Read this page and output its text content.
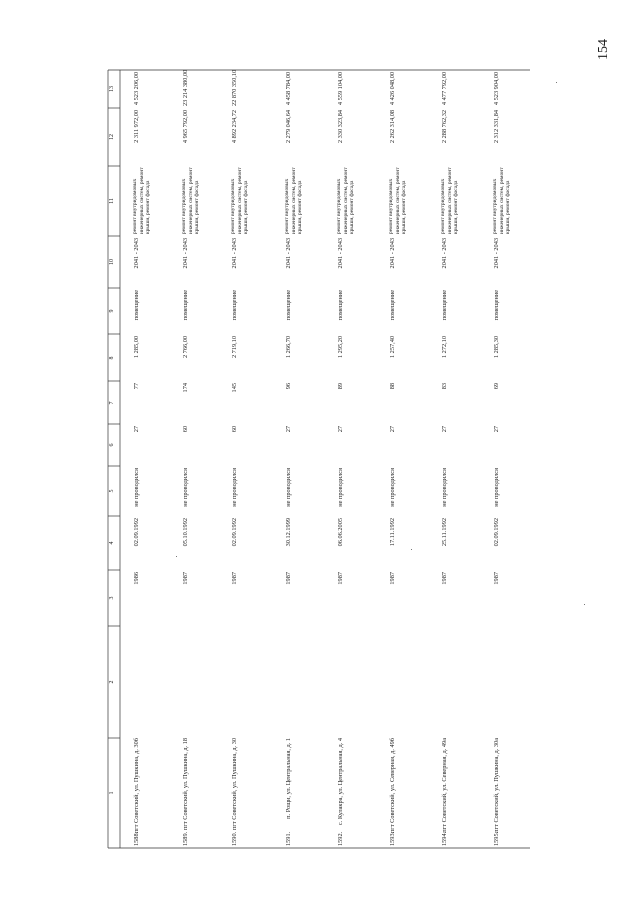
154
1
2
3
4
5
6
7
8
9
10
11
12
13
1588.
пгт Советский, ул. Пушкина, д. 30б
1986
02.09.1992
не проводился
27
77
1 285,00
помещение
2041 - 2043
ремонт внутридомовых инженерных систем, ремонт крыши, ремонт фасада
2 311 972,00
4 523 206,00
1589.
пгт Советский, ул. Пушкина, д. 18
1987
05.10.1992
не проводился
60
174
2 766,00
помещение
2041 - 2043
ремонт внутридомовых инженерных систем, ремонт крыши, ремонт фасада
4 965 792,00
23 214 380,00
1590.
пгт Советский, ул. Пушкина, д. 30
1987
02.09.1992
не проводился
60
145
2 719,10
помещение
2041 - 2043
ремонт внутридомовых инженерных систем, ремонт крыши, ремонт фасада
4 892 234,72
22 870 350,10
1591.
п. Рощи, ул. Центральная, д. 1
1987
30.12.1999
не проводился
27
96
1 266,70
помещение
2041 - 2043
ремонт внутридомовых инженерных систем, ремонт крыши, ремонт фасада
2 279 046,64
4 458 784,00
1592.
с. Кулакра, ул. Центральная, д. 4
1987
06.06.2005
не проводился
27
89
1 295,20
помещение
2041 - 2043
ремонт внутридомовых инженерных систем, ремонт крыши, ремонт фасада
2 330 323,84
4 559 104,00
1593.
пгт Советский, ул. Северная, д. 49б
1987
17.11.1992
не проводился
27
88
1 257,40
помещение
2041 - 2043
ремонт внутридомовых инженерных систем, ремонт крыши, ремонт фасада
2 262 314,08
4 426 048,00
1594.
пгт Советский, ул. Северная, д. 49а
1987
25.11.1992
не проводился
27
83
1 272,10
помещение
2041 - 2043
ремонт внутридомовых инженерных систем, ремонт крыши, ремонт фасада
2 288 762,32
4 477 792,00
1595.
пгт Советский, ул. Пушкина, д. 30а
1987
02.09.1992
не проводился
27
69
1 285,30
помещение
2041 - 2043
ремонт внутридомовых инженерных систем, ремонт крыши, ремонт фасада
2 312 331,84
4 523 904,00
